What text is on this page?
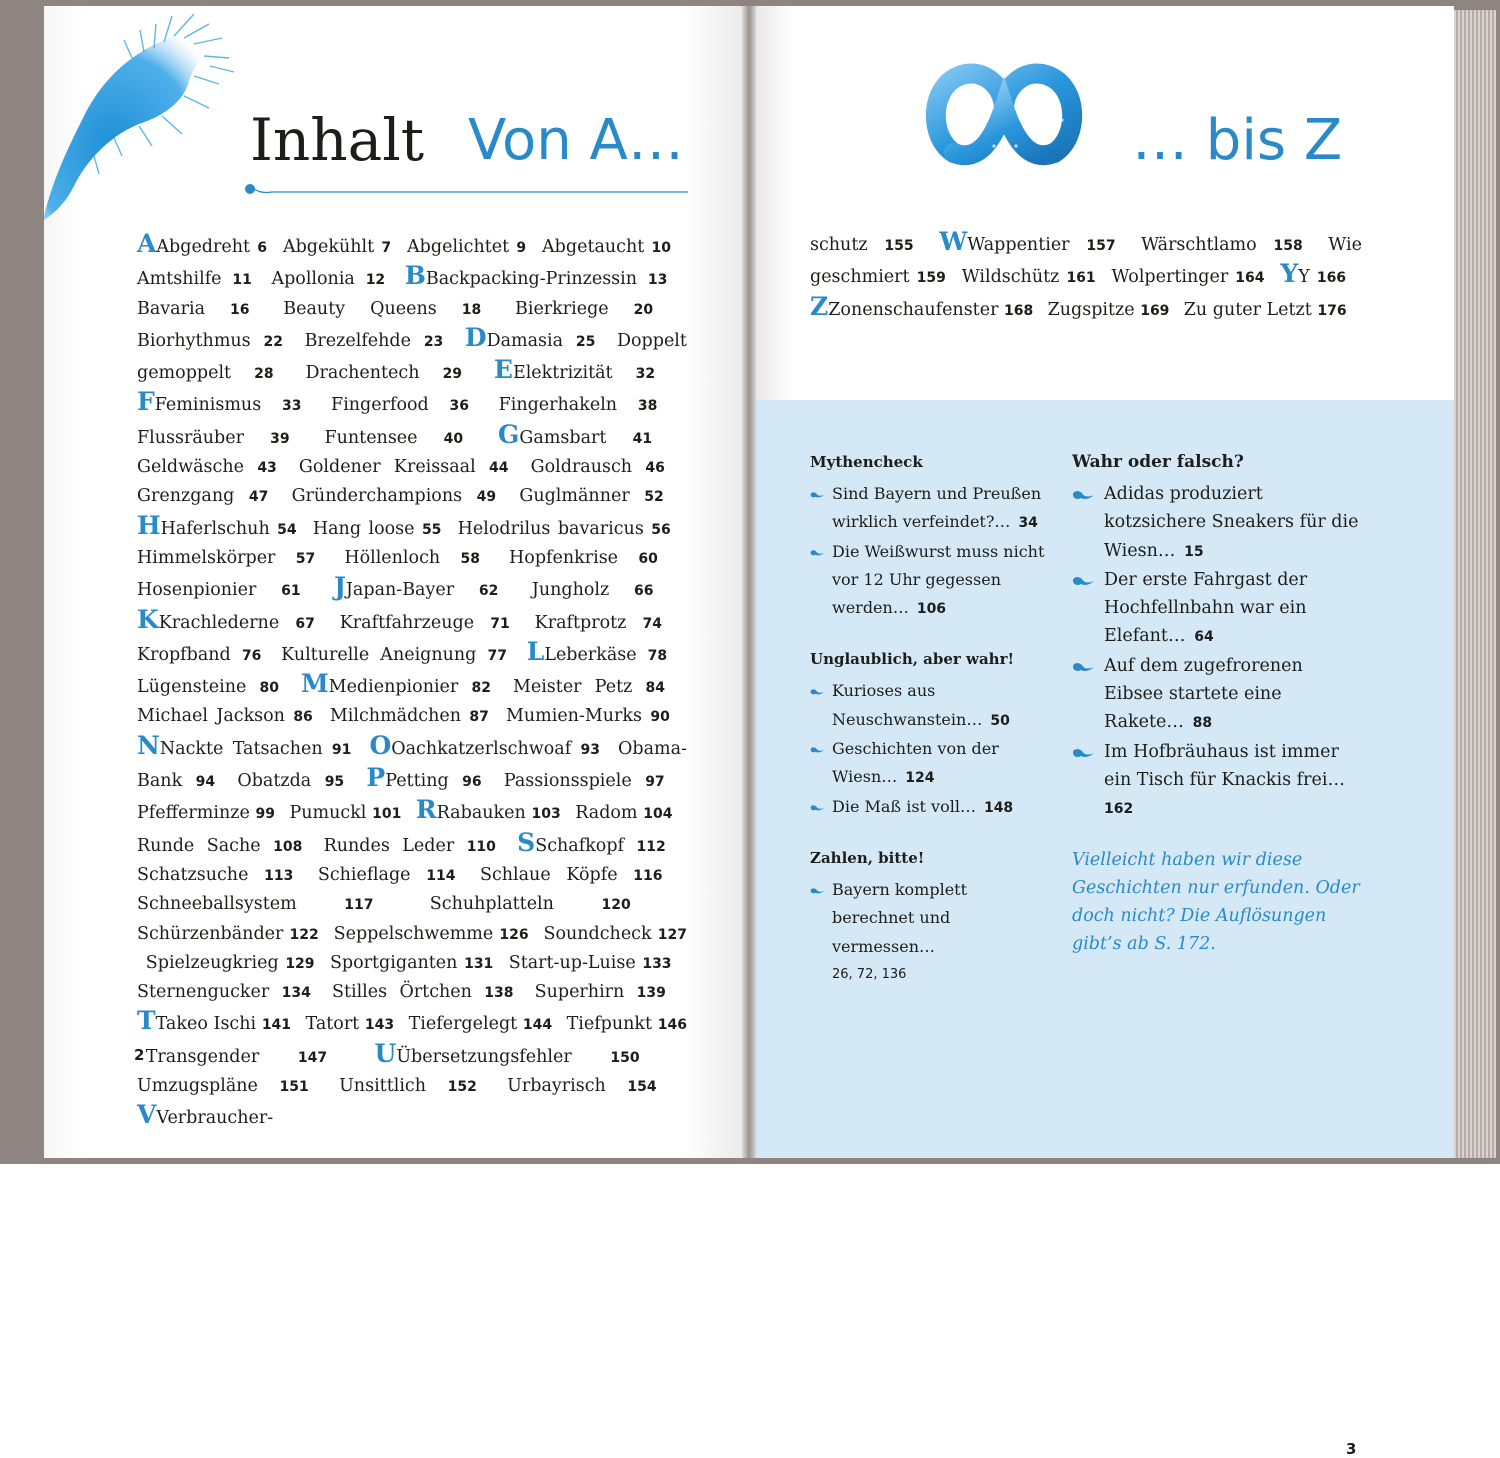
Inhalt Von A…
AAbgedreht 6   Abgekühlt 7   Abgelichtet 9   Abgetaucht 10  Amtshilfe 11   Apollonia 12   BBackpacking-Prinzessin 13  Bavaria 16   Beauty Queens 18   Bierkriege 20  Biorhythmus 22   Brezelfehde 23   DDamasia 25   Doppelt gemoppelt 28   Drachentech 29   EElektrizität 32  FFeminismus 33   Fingerfood 36   Fingerhakeln 38  Flussräuber 39   Funtensee 40   GGamsbart 41  Geldwäsche 43   Goldener Kreissaal 44   Goldrausch 46  Grenzgang 47   Gründerchampions 49   Guglmänner 52  HHaferlschuh 54   Hang loose 55   Helodrilus bavaricus 56  Himmelskörper 57   Höllenloch 58   Hopfenkrise 60  Hosenpionier 61   JJapan-Bayer 62   Jungholz 66  KKrachlederne 67   Kraftfahrzeuge 71   Kraftprotz 74  Kropfband 76   Kulturelle Aneignung 77   LLeberkäse 78  Lügensteine 80   MMedienpionier 82   Meister Petz 84  Michael Jackson 86   Milchmädchen 87   Mumien-Murks 90  NNackte Tatsachen 91   OOachkatzerlschwoaf 93   Obama-Bank 94   Obatzda 95   PPetting 96   Passionsspiele 97  Pfefferminze 99   Pumuckl 101   RRabauken 103   Radom 104  Runde Sache 108   Rundes Leder 110   SSchafkopf 112  Schatzsuche 113   Schieflage 114   Schlaue Köpfe 116  Schneeballsystem	117  	Schuhplatteln	120  Schürzenbänder 122   Seppelschwemme 126   Soundcheck 127  Spielzeugkrieg 129   Sportgiganten 131   Start-up-Luise 133  Sternengucker 134   Stilles Örtchen 138   Superhirn 139  TTakeo Ischi 141   Tatort 143   Tiefergelegt 144   Tiefpunkt 146  Transgender	147   UÜbersetzungsfehler	150  Umzugspläne 151   Unsittlich 152   Urbayrisch 154  VVerbraucher-  
2
… bis Z
schutz 155   WWappentier 157   Wärschtlamo 158   Wie geschmiert 159   Wildschütz 161   Wolpertinger 164   YY 166  ZZonenschaufenster 168   Zugspitze 169   Zu guter Letzt 176  
Mythencheck
Sind Bayern und Preußen wirklich verfeindet?…  34
Die Weißwurst muss nicht vor 12 Uhr gegessen werden…  106
Unglaublich, aber wahr!
Kurioses aus Neuschwanstein…  50
Geschichten von der Wiesn…  124
Die Maß ist voll…  148
Zahlen, bitte!
Bayern komplett berechnet und vermessen…
26, 72, 136
Wahr oder falsch?
Adidas produziert kotzsichere Sneakers für die Wiesn…  15
Der erste Fahrgast der Hochfellnbahn war ein Elefant…  64
Auf dem zugefrorenen Eibsee startete eine Rakete…  88
Im Hofbräuhaus ist immer ein Tisch für Knackis frei… 162
Vielleicht haben wir diese Geschichten nur erfunden. Oder doch nicht? Die Auflösungen gibt’s ab S. 172.
3
